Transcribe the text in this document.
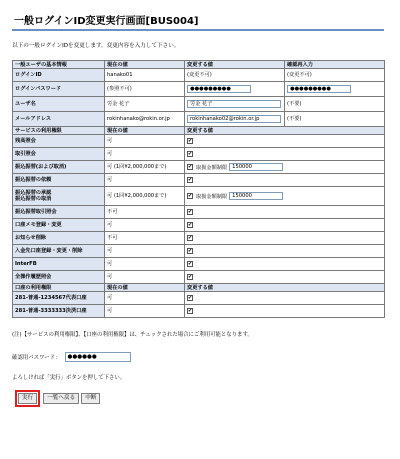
一般ログインID変更実行画面[BUS004]
以下の一般ログインIDを変更します。変更内容を入力して下さい。
一般ユーザの基本情報	現在の値	変更する値	確認再入力
ログインID	hanako01	(変更不可)	(変更不可)
ログインパスワード	(参照不可)	●●●●●●●●●	●●●●●●●●●
ユーザ名	労金 花子	労金 花子	(不要)
メールアドレス	rokinhanako@rokin.or.jp	rokinhanako02@rokin.or.jp	(不要)
サービスの利用権限	現在の値	変更する値	
残高照会	可	✔	
取引照会	可	✔	
振込振替(および取消)	可 (1回¥2,000,000まで)	✔ 取扱金額制限 150000	
振込振替の依頼	可	✔	
振込振替の承認
振込振替の取消	可 (1回¥2,000,000まで)	✔ 取扱金額制限 150000	
振込振替取引照会	不可	✔	
口座メモ登録・変更	可	✔	
お知らせ削除	不可	✔	
入金先口座登録・変更・削除	可	✔	
InterFB	可	✔	
全操作履歴照会	可	✔	
口座の利用権限	現在の値	変更する値	
281-普通-1234567代表口座	可	✔	
281-普通-3333333決済口座	可	✔	
(注)【サービスの利用権限】、【口座の利用権限】は、チェックされた場合にご利用可能となります。
確認用パスワード：	●●●●●●
よろしければ「実行」ボタンを押して下さい。
実行	一覧へ戻る	中断
